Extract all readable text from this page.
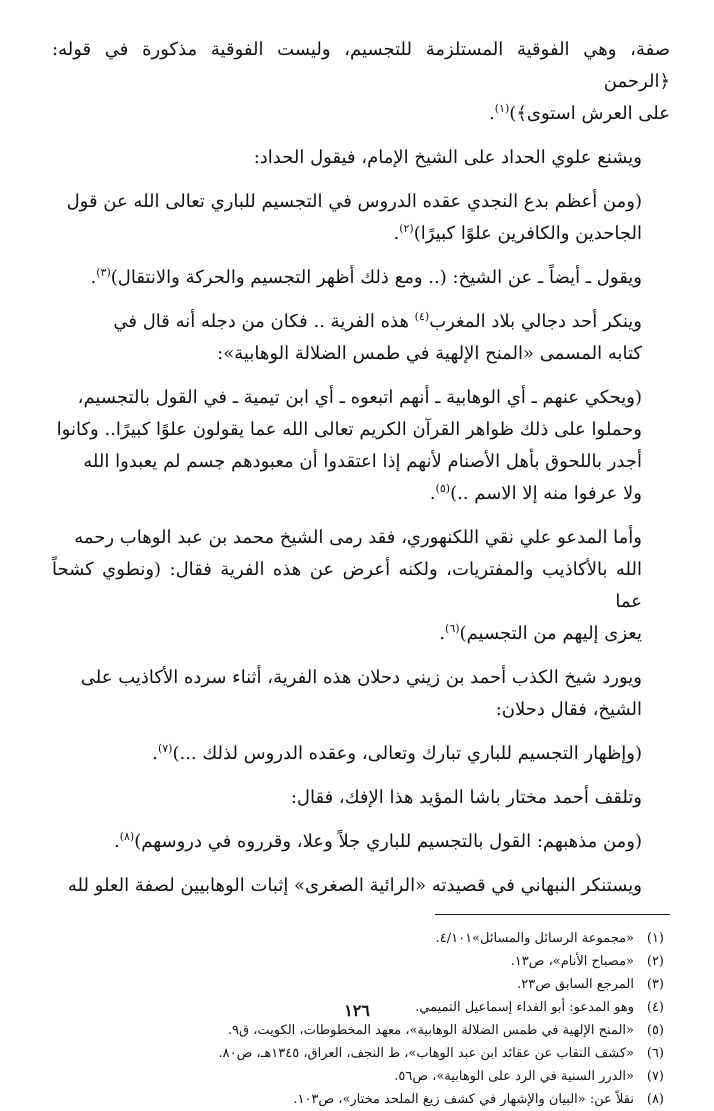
صفة، وهي الفوقية المستلزمة للتجسيم، وليست الفوقية مذكورة في قوله: ﴿الرحمن
على العرش استوى﴾)$^{(١)}$.
ويشنع علوي الحداد على الشيخ الإمام، فيقول الحداد:
(ومن أعظم بدع النجدي عقده الدروس في التجسيم للباري تعالى الله عن قول
الجاحدين والكافرين علوًا كبيرًا)$^{(٢)}$.
ويقول ـ أيضاً ـ عن الشيخ: (.. ومع ذلك أظهر التجسيم والحركة والانتقال)$^{(٣)}$.
وينكر أحد دجالي بلاد المغرب$^{(٤)}$ هذه الفرية .. فكان من دجله أنه قال في
كتابه المسمى «المنح الإلهية في طمس الضلالة الوهابية»:
(ويحكي عنهم ـ أي الوهابية ـ أنهم اتبعوه ـ أي ابن تيمية ـ في القول بالتجسيم،
وحملوا على ذلك ظواهر القرآن الكريم تعالى الله عما يقولون علوًا كبيرًا.. وكانوا
أجدر باللحوق بأهل الأصنام لأنهم إذا اعتقدوا أن معبودهم جسم لم يعبدوا الله
ولا عرفوا منه إلا الاسم ..)$^{(٥)}$.
وأما المدعو علي نقي اللكنهوري، فقد رمى الشيخ محمد بن عبد الوهاب رحمه
الله بالأكاذيب والمفتريات، ولكنه أعرض عن هذه الفرية فقال: (ونطوي كشحاً عما
يعزى إليهم من التجسيم)$^{(٦)}$.
ويورد شيخ الكذب أحمد بن زيني دحلان هذه الفرية، أثناء سرده الأكاذيب على
الشيخ، فقال دحلان:
(وإظهار التجسيم للباري تبارك وتعالى، وعقده الدروس لذلك ...)$^{(٧)}$.
وتلقف أحمد مختار باشا المؤيد هذا الإفك، فقال:
(ومن مذهبهم: القول بالتجسيم للباري جلاً وعلا، وقرروه في دروسهم)$^{(٨)}$.
ويستنكر النبهاني في قصيدته «الرائية الصغرى» إثبات الوهابيين لصفة العلو لله
(١)
«مجموعة الرسائل والمسائل»٤/١٠١.
(٢)
«مصباح الأنام»، ص١٣.
(٣)
المرجع السابق ص٢٣.
(٤)
وهو المدعو: أبو الفداء إسماعيل التميمي.
(٥)
«المنح الإلهية في طمس الضلالة الوهابية»، معهد المخطوطات، الكويت، ق٩.
(٦)
«كشف النقاب عن عقائد ابن عبد الوهاب»، ط النجف، العراق، ١٣٤٥هـ، ص٨٠.
(٧)
«الدرر السنية في الرد على الوهابية»، ص٥٦.
(٨)
نقلاً عن: «البيان والإشهار في كشف زيغ الملحد مختار»، ص١٠٣.
١٢٦
